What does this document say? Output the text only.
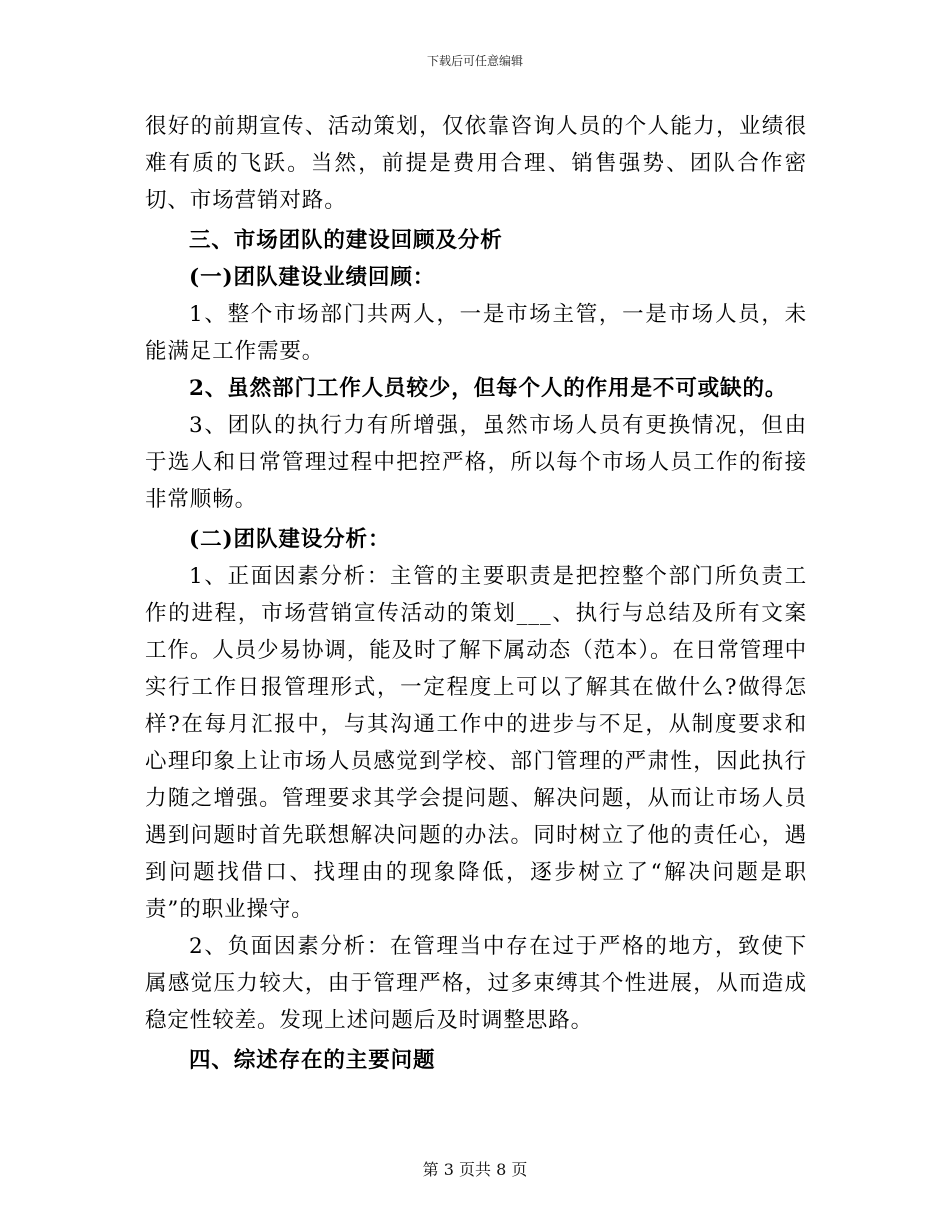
下载后可任意编辑

很好的前期宣传、活动策划，仅依靠咨询人员的个人能力，业绩很难有质的飞跃。当然，前提是费用合理、销售强势、团队合作密切、市场营销对路。

三、市场团队的建设回顾及分析

(一)团队建设业绩回顾：

1、整个市场部门共两人，一是市场主管，一是市场人员，未能满足工作需要。

2、虽然部门工作人员较少，但每个人的作用是不可或缺的。

3、团队的执行力有所增强，虽然市场人员有更换情况，但由于选人和日常管理过程中把控严格，所以每个市场人员工作的衔接非常顺畅。

(二)团队建设分析：

1、正面因素分析：主管的主要职责是把控整个部门所负责工作的进程，市场营销宣传活动的策划___、执行与总结及所有文案工作。人员少易协调，能及时了解下属动态（范本）。在日常管理中实行工作日报管理形式，一定程度上可以了解其在做什么?做得怎样?在每月汇报中，与其沟通工作中的进步与不足，从制度要求和心理印象上让市场人员感觉到学校、部门管理的严肃性，因此执行力随之增强。管理要求其学会提问题、解决问题，从而让市场人员遇到问题时首先联想解决问题的办法。同时树立了他的责任心，遇到问题找借口、找理由的现象降低，逐步树立了“解决问题是职责”的职业操守。

2、负面因素分析：在管理当中存在过于严格的地方，致使下属感觉压力较大，由于管理严格，过多束缚其个性进展，从而造成稳定性较差。发现上述问题后及时调整思路。

四、综述存在的主要问题

第 3 页共 8 页
